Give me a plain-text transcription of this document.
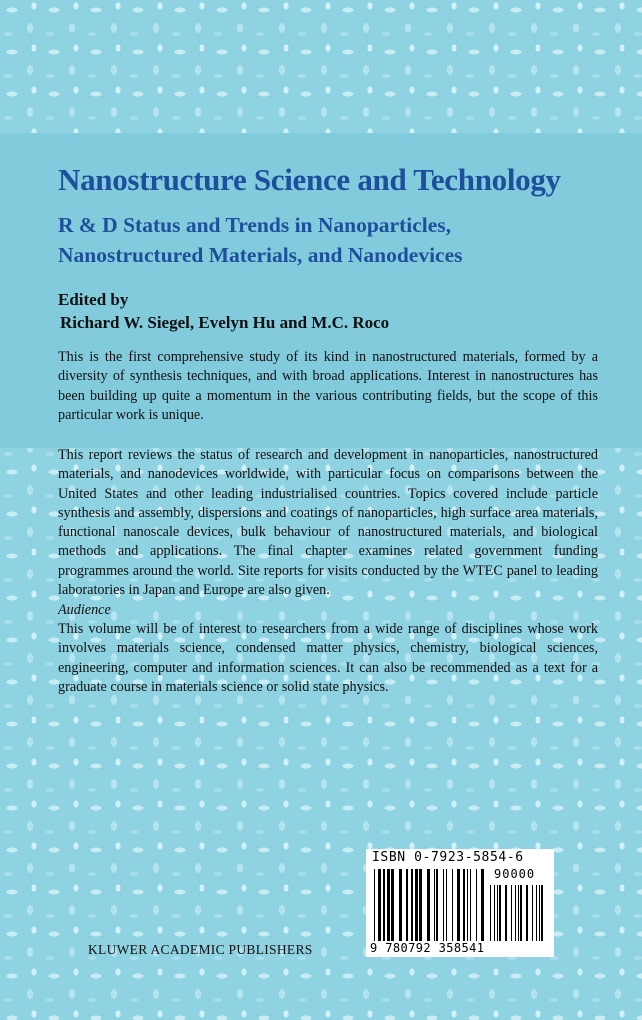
Nanostructure Science and Technology
R & D Status and Trends in Nanoparticles,
Nanostructured Materials, and Nanodevices
Edited by
Richard W. Siegel, Evelyn Hu and M.C. Roco
This is the first comprehensive study of its kind in nanostructured materials, formed by a diversity of synthesis techniques, and with broad applications. Interest in nanostructures has been building up quite a momentum in the various contributing fields, but the scope of this particular work is unique.
This report reviews the status of research and development in nanoparticles, nanostructured materials, and nanodevices worldwide, with particular focus on comparisons between the United States and other leading industrialised countries. Topics covered include particle synthesis and assembly, dispersions and coatings of nanoparticles, high surface area materials, functional nanoscale devices, bulk behaviour of nanostructured materials, and biological methods and applications. The final chapter examines related government funding programmes around the world. Site reports for visits conducted by the WTEC panel to leading laboratories in Japan and Europe are also given.
Audience
This volume will be of interest to researchers from a wide range of disciplines whose work involves materials science, condensed matter physics, chemistry, biological sciences, engineering, computer and information sciences. It can also be recommended as a text for a graduate course in materials science or solid state physics.
KLUWER ACADEMIC PUBLISHERS
ISBN 0-7923-5854-6
90000
9 780792 358541
